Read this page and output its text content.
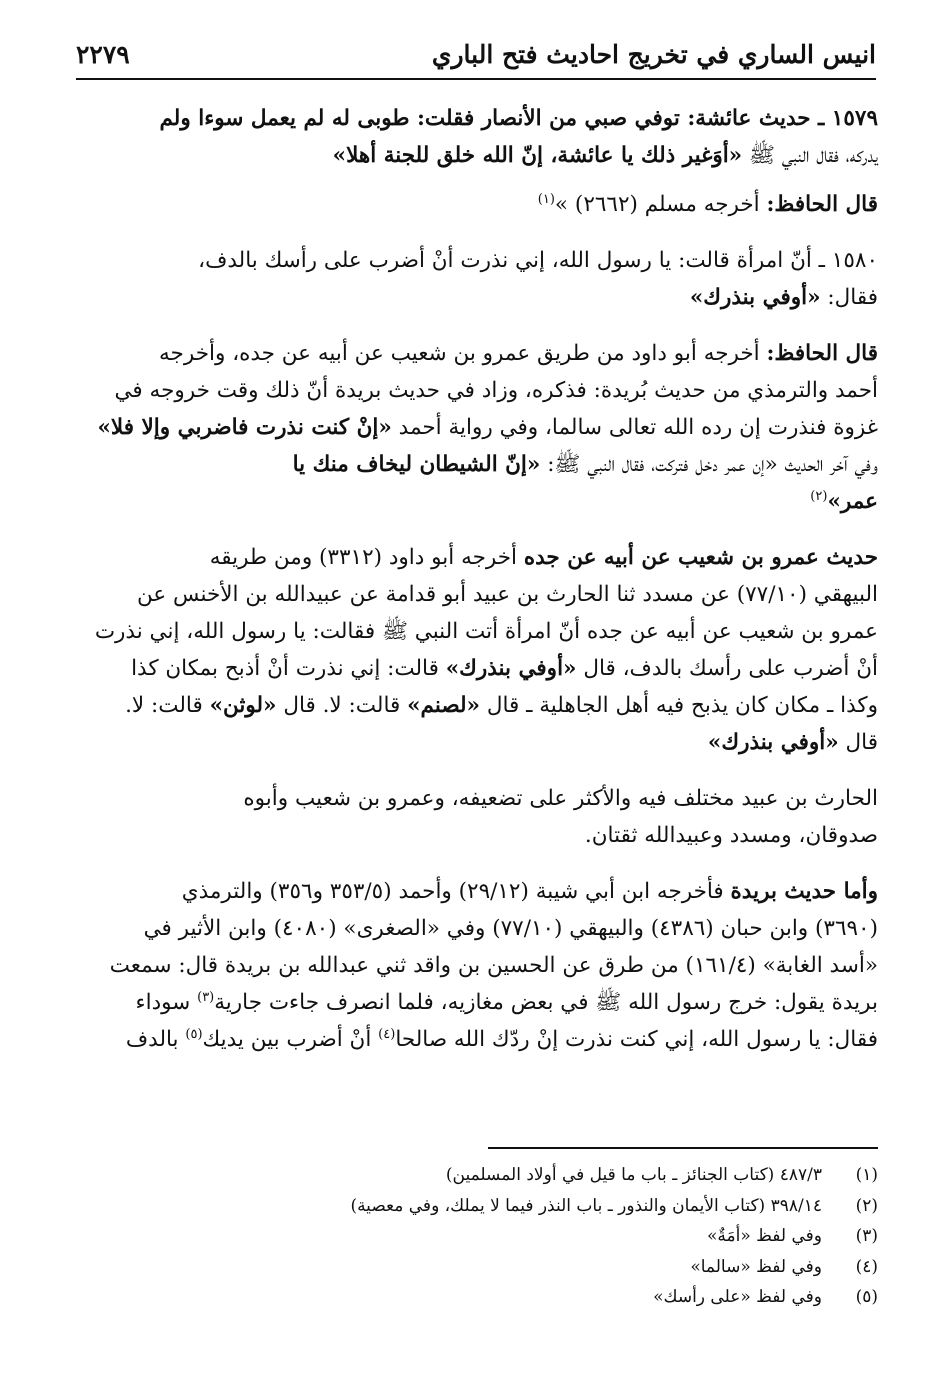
٢٢٧٩	انيس الساري في تخريج احاديث فتح الباري

١٥٧٩ ـ حديث عائشة: توفي صبي من الأنصار فقلت: طوبى له لم يعمل سوءا ولم
يدركه، فقال النبي ﷺ «أوَغير ذلك يا عائشة، إنّ الله خلق للجنة أهلا»

قال الحافظ: أخرجه مسلم (٢٦٦٢) »$^{(١)}$

١٥٨٠ ـ أنّ امرأة قالت: يا رسول الله، إني نذرت أنْ أضرب على رأسك بالدف،
فقال: «أوفي بنذرك»

قال الحافظ: أخرجه أبو داود من طريق عمرو بن شعيب عن أبيه عن جده، وأخرجه
أحمد والترمذي من حديث بُريدة: فذكره، وزاد في حديث بريدة أنّ ذلك وقت خروجه في
غزوة فنذرت إن رده الله تعالى سالما، وفي رواية أحمد «إنْ كنت نذرت فاضربي وإلا فلا»
وفي آخر الحديث «إن عمر دخل فتركت، فقال النبي ﷺ: «إنّ الشيطان ليخاف منك يا
عمر»$^{(٢)}$

حديث عمرو بن شعيب عن أبيه عن جده أخرجه أبو داود (٣٣١٢) ومن طريقه
البيهقي (٧٧/١٠) عن مسدد ثنا الحارث بن عبيد أبو قدامة عن عبيدالله بن الأخنس عن
عمرو بن شعيب عن أبيه عن جده أنّ امرأة أتت النبي ﷺ فقالت: يا رسول الله، إني نذرت
أنْ أضرب على رأسك بالدف، قال «أوفي بنذرك» قالت: إني نذرت أنْ أذبح بمكان كذا
وكذا ـ مكان كان يذبح فيه أهل الجاهلية ـ قال «لصنم» قالت: لا. قال «لوثن» قالت: لا.
قال «أوفي بنذرك»

الحارث بن عبيد مختلف فيه والأكثر على تضعيفه، وعمرو بن شعيب وأبوه
صدوقان، ومسدد وعبيدالله ثقتان.

وأما حديث بريدة فأخرجه ابن أبي شيبة (٢٩/١٢) وأحمد (٣٥٣/٥ و٣٥٦) والترمذي
(٣٦٩٠) وابن حبان (٤٣٨٦) والبيهقي (٧٧/١٠) وفي «الصغرى» (٤٠٨٠) وابن الأثير في
«أسد الغابة» (١٦١/٤) من طرق عن الحسين بن واقد ثني عبدالله بن بريدة قال: سمعت
بريدة يقول: خرج رسول الله ﷺ في بعض مغازيه، فلما انصرف جاءت جارية$^{(٣)}$ سوداء
فقال: يا رسول الله، إني كنت نذرت إنْ ردّك الله صالحا$^{(٤)}$ أنْ أضرب بين يديك$^{(٥)}$ بالدف

(١)٤٨٧/٣ (كتاب الجنائز ـ باب ما قيل في أولاد المسلمين)
(٢)٣٩٨/١٤ (كتاب الأيمان والنذور ـ باب النذر فيما لا يملك، وفي معصية)
(٣)وفي لفظ «أمَةٌ»
(٤)وفي لفظ «سالما»
(٥)وفي لفظ «على رأسك»
